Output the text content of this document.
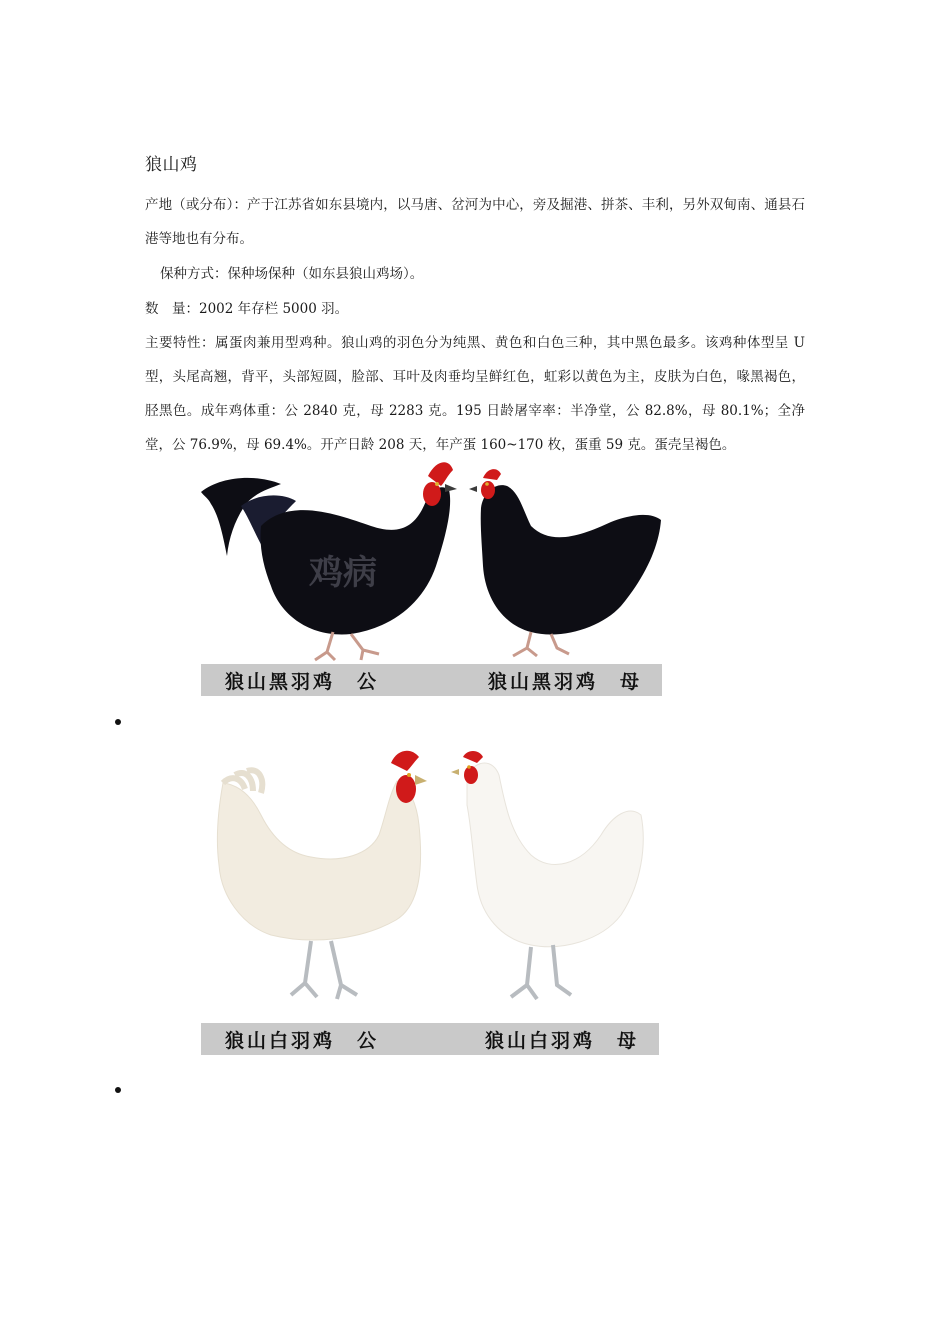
狼山鸡
产地（或分布）：产于江苏省如东县境内，以马唐、岔河为中心，旁及掘港、拼茶、丰利，另外双甸南、通县石港等地也有分布。
保种方式：保种场保种（如东县狼山鸡场）。
数　量：2002 年存栏 5000 羽。
主要特性：属蛋肉兼用型鸡种。狼山鸡的羽色分为纯黑、黄色和白色三种，其中黑色最多。该鸡种体型呈 U 型，头尾高翘，背平，头部短圆，脸部、耳叶及肉垂均呈鲜红色，虹彩以黄色为主，皮肤为白色，喙黑褐色，胫黑色。成年鸡体重：公 2840 克，母 2283 克。195 日龄屠宰率：半净堂，公 82.8%，母 80.1%；全净堂，公 76.9%，母 69.4%。开产日龄 208 天，年产蛋 160~170 枚，蛋重 59 克。蛋壳呈褐色。
鸡病
狼山黑羽鸡　公	狼山黑羽鸡　母
狼山白羽鸡　公	狼山白羽鸡　母
